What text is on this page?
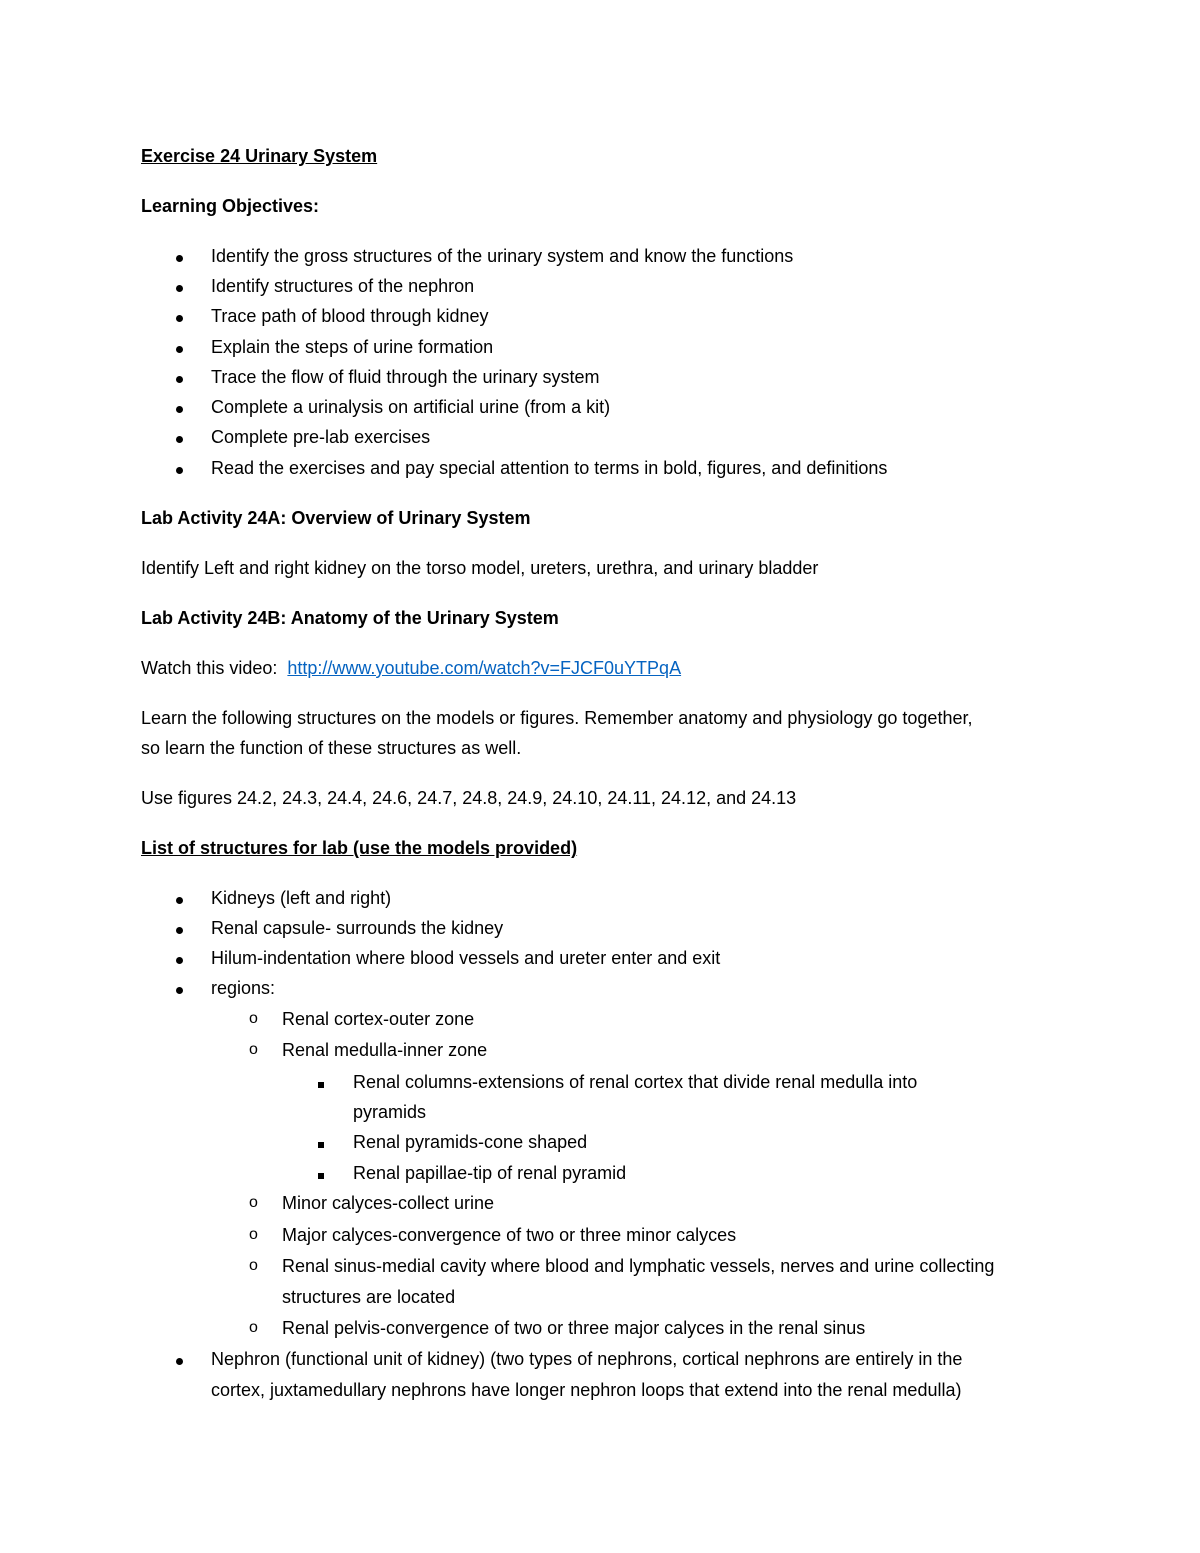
Exercise 24 Urinary System
Learning Objectives:
Identify the gross structures of the urinary system and know the functions
Identify structures of the nephron
Trace path of blood through kidney
Explain the steps of urine formation
Trace the flow of fluid through the urinary system
Complete a urinalysis on artificial urine (from a kit)
Complete pre-lab exercises
Read the exercises and pay special attention to terms in bold, figures, and definitions
Lab Activity 24A: Overview of Urinary System
Identify Left and right kidney on the torso model, ureters, urethra, and urinary bladder
Lab Activity 24B: Anatomy of the Urinary System
Watch this video: http://www.youtube.com/watch?v=FJCF0uYTPqA
Learn the following structures on the models or figures. Remember anatomy and physiology go together,
so learn the function of these structures as well.
Use figures 24.2, 24.3, 24.4, 24.6, 24.7, 24.8, 24.9, 24.10, 24.11, 24.12, and 24.13
List of structures for lab (use the models provided)
Kidneys (left and right)
Renal capsule- surrounds the kidney
Hilum-indentation where blood vessels and ureter enter and exit
regions:
o Renal cortex-outer zone
o Renal medulla-inner zone
Renal columns-extensions of renal cortex that divide renal medulla into
pyramids
Renal pyramids-cone shaped
Renal papillae-tip of renal pyramid
o Minor calyces-collect urine
o Major calyces-convergence of two or three minor calyces
o Renal sinus-medial cavity where blood and lymphatic vessels, nerves and urine collecting
structures are located
o Renal pelvis-convergence of two or three major calyces in the renal sinus
Nephron (functional unit of kidney) (two types of nephrons, cortical nephrons are entirely in the
cortex, juxtamedullary nephrons have longer nephron loops that extend into the renal medulla)
